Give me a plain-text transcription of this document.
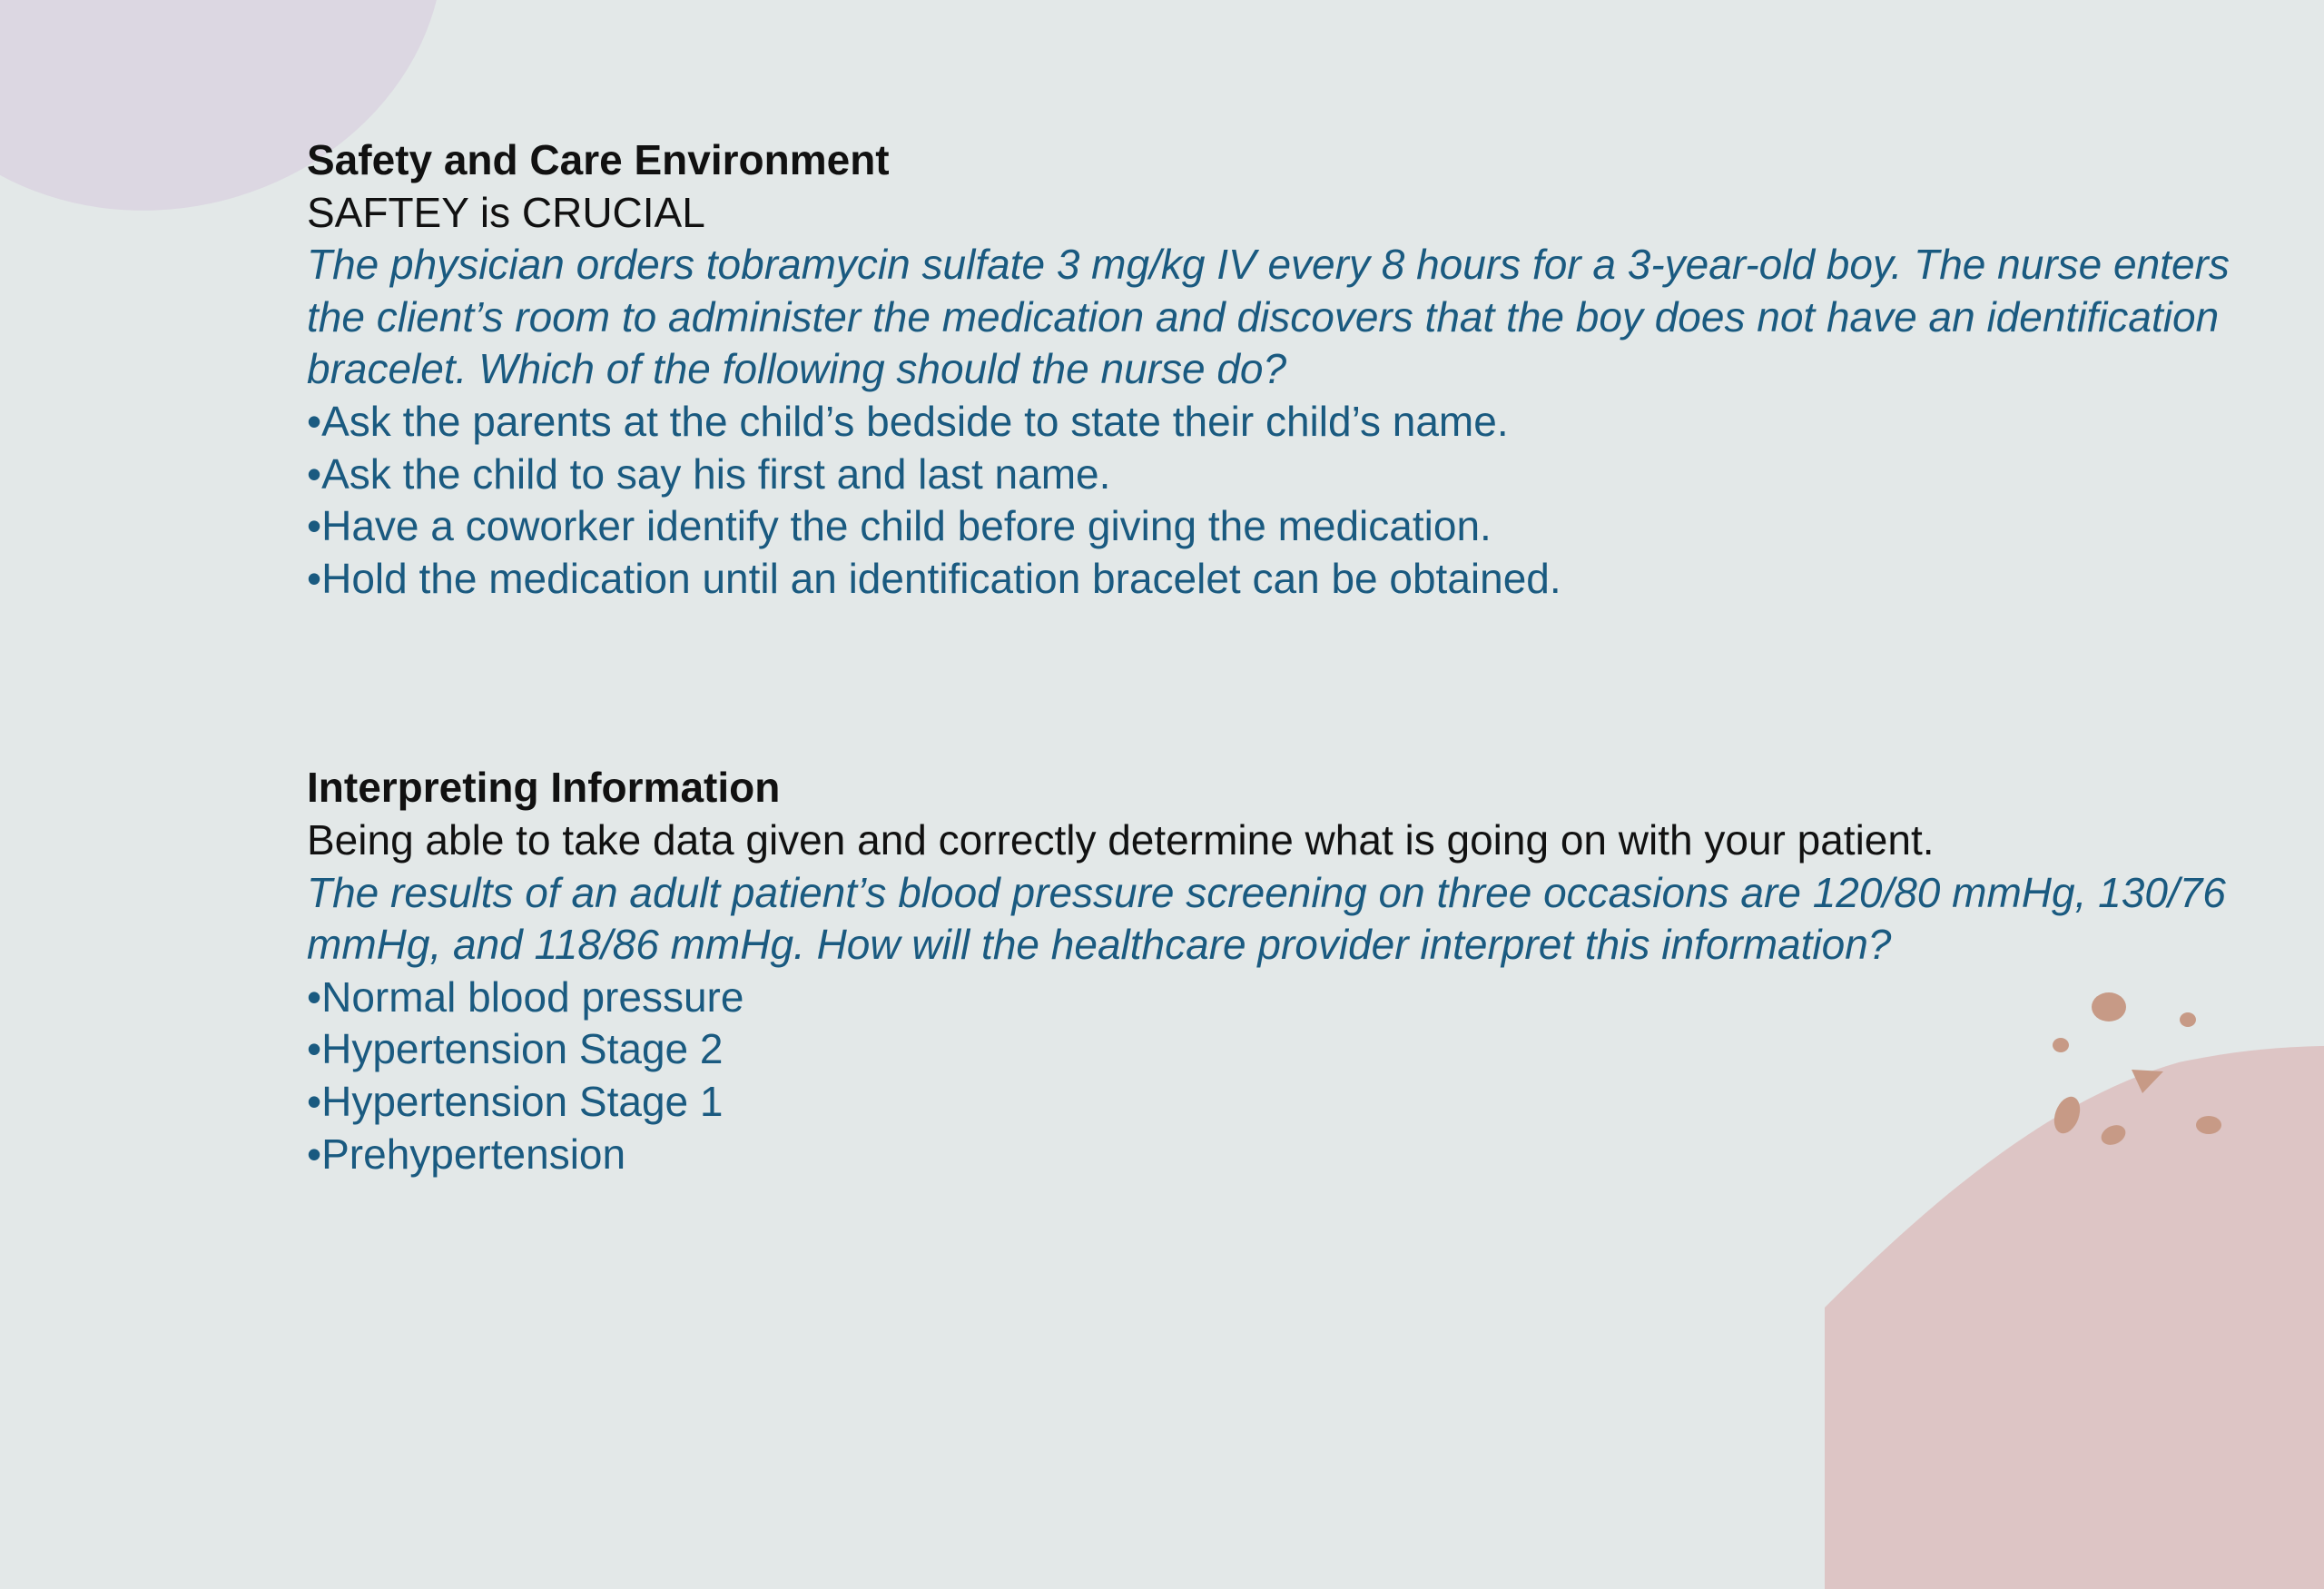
Safety and Care Environment
SAFTEY is CRUCIAL
The physician orders tobramycin sulfate 3 mg/kg IV every 8 hours for a 3-year-old boy. The nurse enters the client’s room to administer the medication and discovers that the boy does not have an identification bracelet. Which of the following should the nurse do?
•Ask the parents at the child’s bedside to state their child’s name.
•Ask the child to say his first and last name.
•Have a coworker identify the child before giving the medication.
•Hold the medication until an identification bracelet can be obtained.
Interpreting Information
Being able to take data given and correctly determine what is going on with your patient.
The results of an adult patient’s blood pressure screening on three occasions are 120/80 mmHg, 130/76 mmHg, and 118/86 mmHg. How will the healthcare provider interpret this information?
•Normal blood pressure
•Hypertension Stage 2
•Hypertension Stage 1
•Prehypertension
